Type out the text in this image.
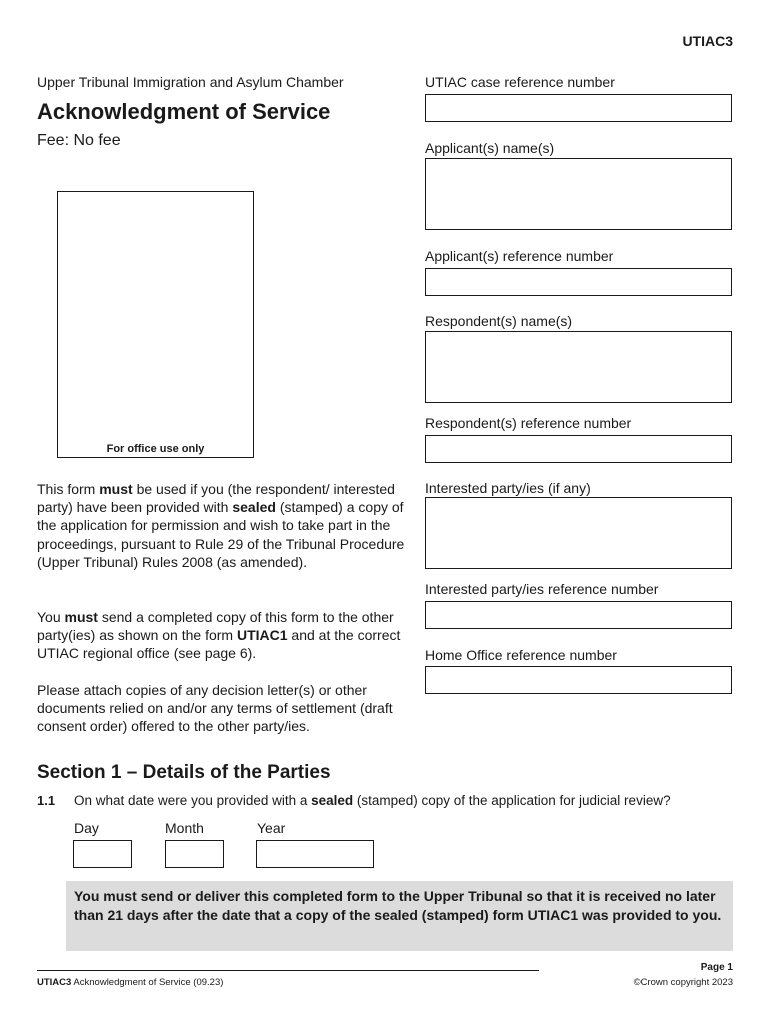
UTIAC3
Upper Tribunal Immigration and Asylum Chamber
Acknowledgment of Service
Fee: No fee
For office use only

This form must be used if you (the respondent/ interested party) have been provided with sealed (stamped) a copy of the application for permission and wish to take part in the proceedings, pursuant to Rule 29 of the Tribunal Procedure (Upper Tribunal) Rules 2008 (as amended).

You must send a completed copy of this form to the other party(ies) as shown on the form UTIAC1 and at the correct UTIAC regional office (see page 6).

Please attach copies of any decision letter(s) or other documents relied on and/or any terms of settlement (draft consent order) offered to the other party/ies.

UTIAC case reference number
Applicant(s) name(s)
Applicant(s) reference number
Respondent(s) name(s)
Respondent(s) reference number
Interested party/ies (if any)
Interested party/ies reference number
Home Office reference number
Section 1 – Details of the Parties
1.1 On what date were you provided with a sealed (stamped) copy of the application for judicial review?
Day	Month	Year
You must send or deliver this completed form to the Upper Tribunal so that it is received no later than 21 days after the date that a copy of the sealed (stamped) form UTIAC1 was provided to you.
UTIAC3 Acknowledgment of Service (09.23)
Page 1
©Crown copyright 2023
